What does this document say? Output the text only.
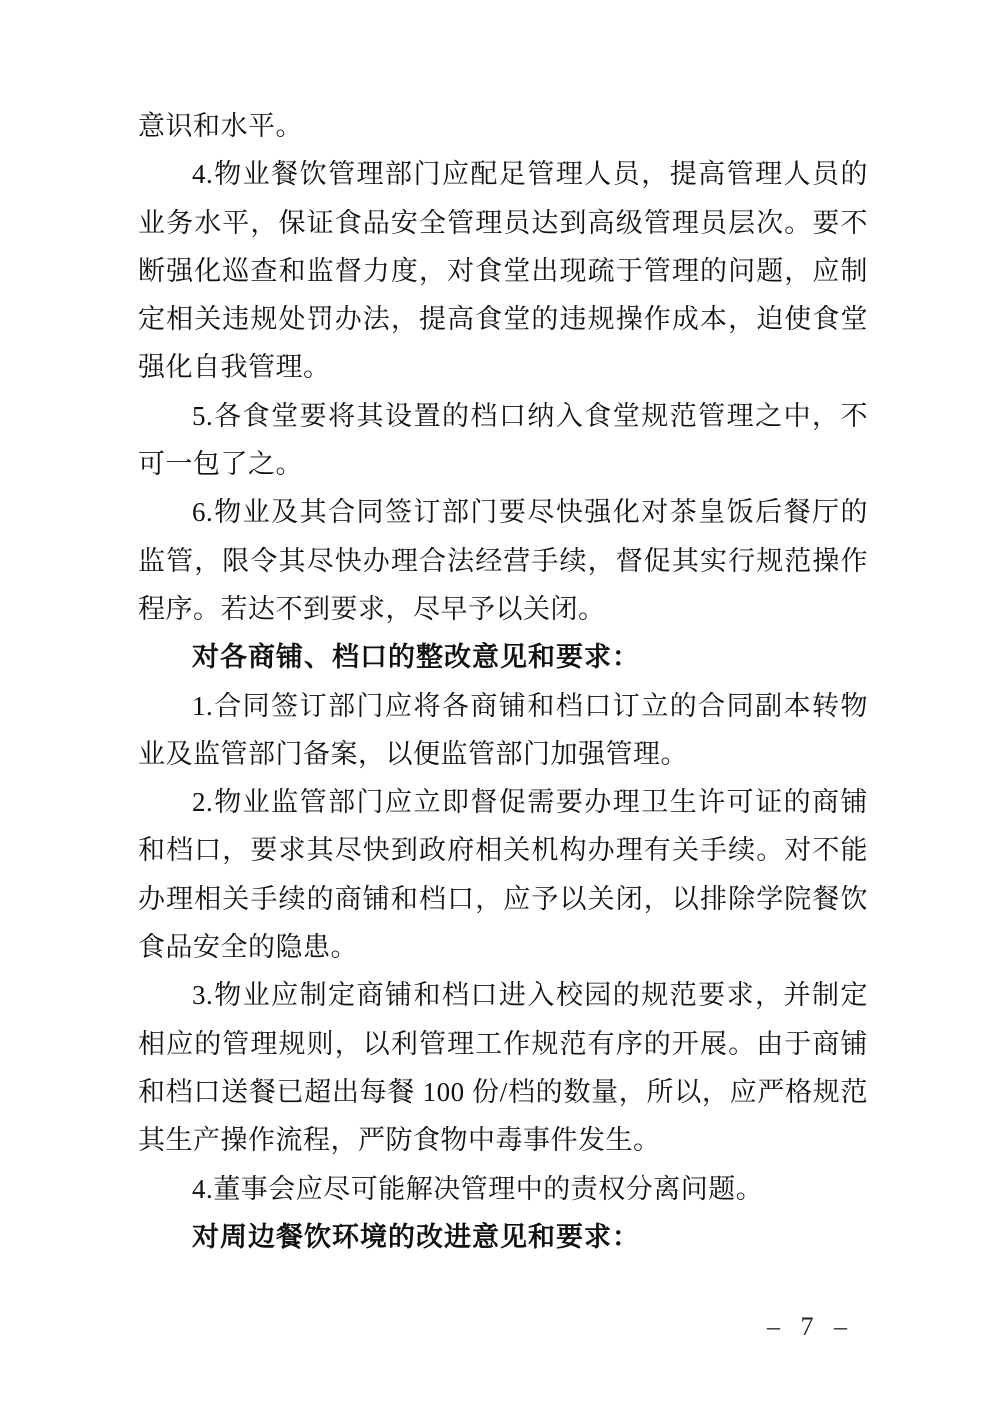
意识和水平。

4.物业餐饮管理部门应配足管理人员，提高管理人员的业务水平，保证食品安全管理员达到高级管理员层次。要不断强化巡查和监督力度，对食堂出现疏于管理的问题，应制定相关违规处罚办法，提高食堂的违规操作成本，迫使食堂强化自我管理。

5.各食堂要将其设置的档口纳入食堂规范管理之中，不可一包了之。

6.物业及其合同签订部门要尽快强化对茶皇饭后餐厅的监管，限令其尽快办理合法经营手续，督促其实行规范操作程序。若达不到要求，尽早予以关闭。

对各商铺、档口的整改意见和要求：

1.合同签订部门应将各商铺和档口订立的合同副本转物业及监管部门备案，以便监管部门加强管理。

2.物业监管部门应立即督促需要办理卫生许可证的商铺和档口，要求其尽快到政府相关机构办理有关手续。对不能办理相关手续的商铺和档口，应予以关闭，以排除学院餐饮食品安全的隐患。

3.物业应制定商铺和档口进入校园的规范要求，并制定相应的管理规则，以利管理工作规范有序的开展。由于商铺和档口送餐已超出每餐 100 份/档的数量，所以，应严格规范其生产操作流程，严防食物中毒事件发生。

4.董事会应尽可能解决管理中的责权分离问题。

对周边餐饮环境的改进意见和要求：

– 7 –
